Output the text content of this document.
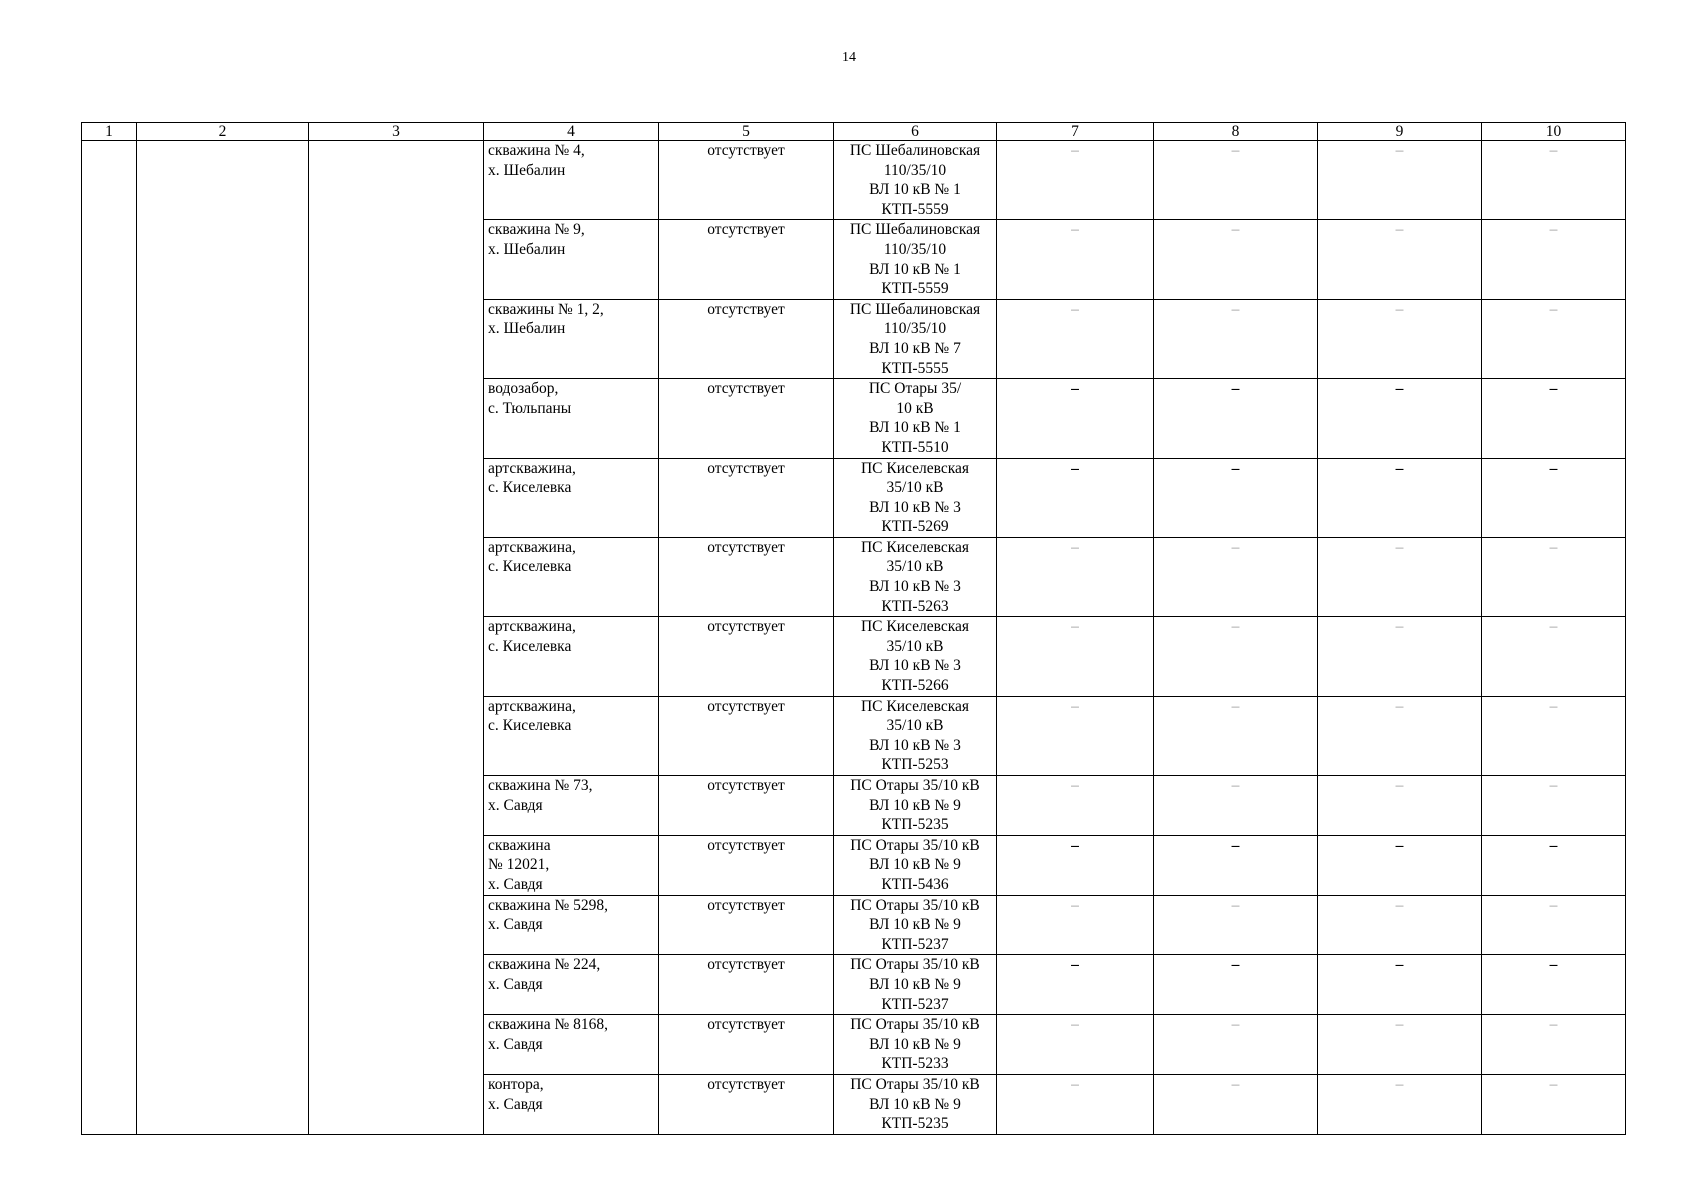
14
1	2	3	4	5	6	7	8	9	10

			скважина № 4,
х. Шебалин	отсутствует	ПС Шебалиновская
110/35/10
ВЛ 10 кВ № 1
КТП-5559	–	–	–	–

			скважина № 9,
х. Шебалин	отсутствует	ПС Шебалиновская
110/35/10
ВЛ 10 кВ № 1
КТП-5559	–	–	–	–

			скважины № 1, 2,
х. Шебалин	отсутствует	ПС Шебалиновская
110/35/10
ВЛ 10 кВ № 7
КТП-5555	–	–	–	–

			водозабор,
с. Тюльпаны	отсутствует	ПС Отары 35/
10 кВ
ВЛ 10 кВ № 1
КТП-5510	–	–	–	–

			артскважина,
с. Киселевка	отсутствует	ПС Киселевская
35/10 кВ
ВЛ 10 кВ № 3
КТП-5269	–	–	–	–

			артскважина,
с. Киселевка	отсутствует	ПС Киселевская
35/10 кВ
ВЛ 10 кВ № 3
КТП-5263	–	–	–	–

			артскважина,
с. Киселевка	отсутствует	ПС Киселевская
35/10 кВ
ВЛ 10 кВ № 3
КТП-5266	–	–	–	–

			артскважина,
с. Киселевка	отсутствует	ПС Киселевская
35/10 кВ
ВЛ 10 кВ № 3
КТП-5253	–	–	–	–

			скважина № 73,
х. Савдя	отсутствует	ПС Отары 35/10 кВ
ВЛ 10 кВ № 9
КТП-5235	–	–	–	–

			скважина
№ 12021,
х. Савдя	отсутствует	ПС Отары 35/10 кВ
ВЛ 10 кВ № 9
КТП-5436	–	–	–	–

			скважина № 5298,
х. Савдя	отсутствует	ПС Отары 35/10 кВ
ВЛ 10 кВ № 9
КТП-5237	–	–	–	–

			скважина № 224,
х. Савдя	отсутствует	ПС Отары 35/10 кВ
ВЛ 10 кВ № 9
КТП-5237	–	–	–	–

			скважина № 8168,
х. Савдя	отсутствует	ПС Отары 35/10 кВ
ВЛ 10 кВ № 9
КТП-5233	–	–	–	–

			контора,
х. Савдя	отсутствует	ПС Отары 35/10 кВ
ВЛ 10 кВ № 9
КТП-5235	–	–	–	–
